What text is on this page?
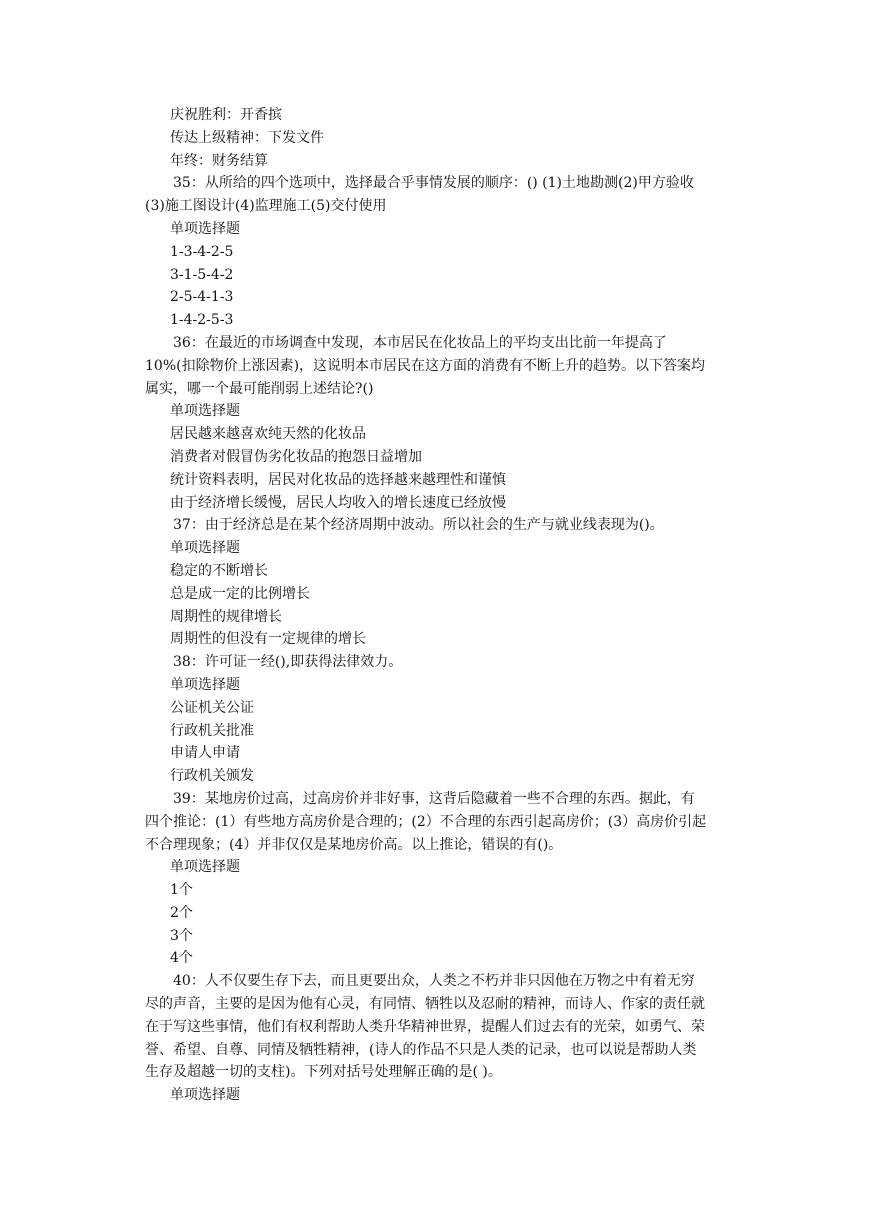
庆祝胜利：开香摈
传达上级精神：下发文件
年终：财务结算
35：从所给的四个选项中，选择最合乎事情发展的顺序：() (1)土地勘测(2)甲方验收
(3)施工图设计(4)监理施工(5)交付使用
单项选择题
1-3-4-2-5
3-1-5-4-2
2-5-4-1-3
1-4-2-5-3
36：在最近的市场调查中发现，本市居民在化妆品上的平均支出比前一年提高了
10%(扣除物价上涨因素)，这说明本市居民在这方面的消费有不断上升的趋势。以下答案均
属实，哪一个最可能削弱上述结论?()
单项选择题
居民越来越喜欢纯天然的化妆品
消费者对假冒伪劣化妆品的抱怨日益增加
统计资料表明，居民对化妆品的选择越来越理性和谨慎
由于经济增长缓慢，居民人均收入的增长速度已经放慢
37：由于经济总是在某个经济周期中波动。所以社会的生产与就业线表现为()。
单项选择题
稳定的不断增长
总是成一定的比例增长
周期性的规律增长
周期性的但没有一定规律的增长
38：许可证一经(),即获得法律效力。
单项选择题
公证机关公证
行政机关批准
申请人申请
行政机关颁发
39：某地房价过高，过高房价并非好事，这背后隐藏着一些不合理的东西。据此，有
四个推论：(1）有些地方高房价是合理的；(2）不合理的东西引起高房价；(3）高房价引起
不合理现象；(4）并非仅仅是某地房价高。以上推论，错误的有()。
单项选择题
1个
2个
3个
4个
40：人不仅要生存下去，而且更要出众，人类之不朽并非只因他在万物之中有着无穷
尽的声音，主要的是因为他有心灵，有同情、牺牲以及忍耐的精神，而诗人、作家的责任就
在于写这些事情，他们有权利帮助人类升华精神世界，提醒人们过去有的光荣，如勇气、荣
誉、希望、自尊、同情及牺牲精神，(诗人的作品不只是人类的记录，也可以说是帮助人类
生存及超越一切的支柱)。下列对括号处理解正确的是( )。
单项选择题
